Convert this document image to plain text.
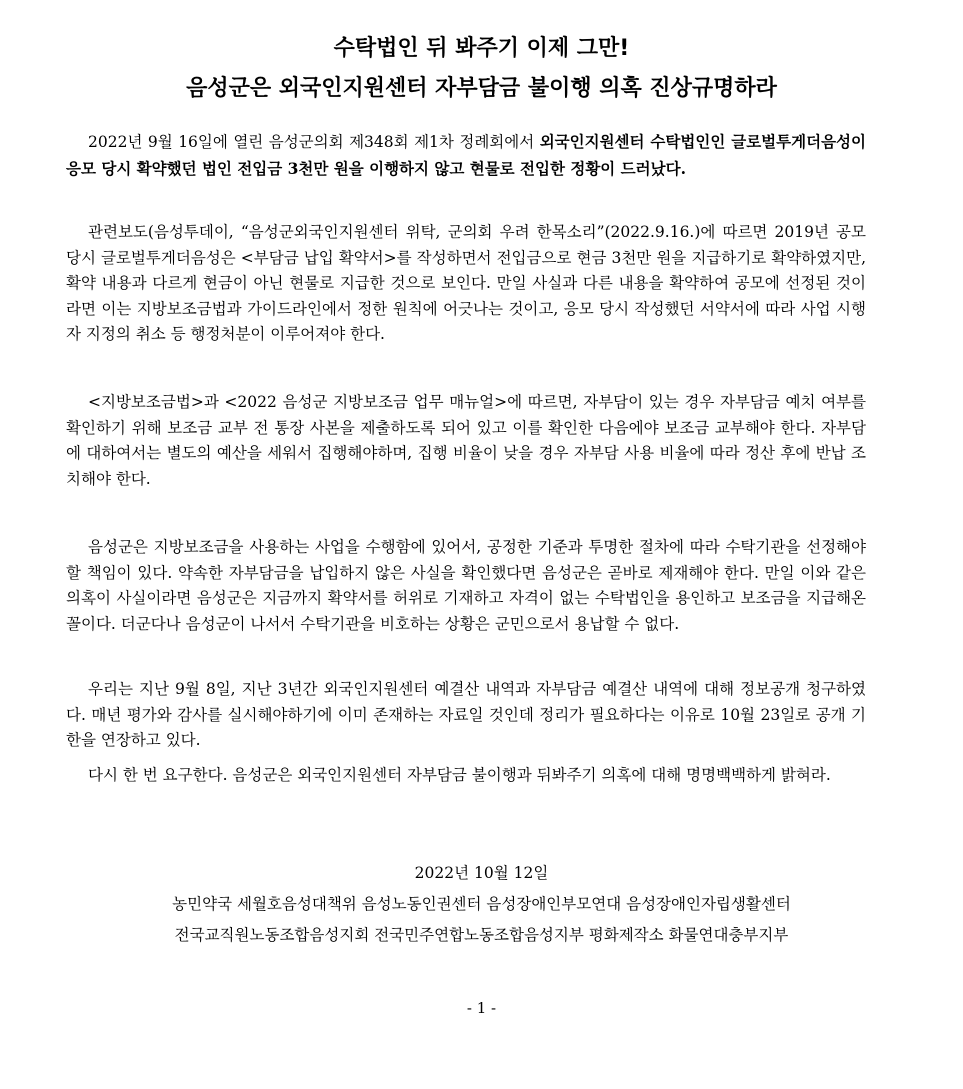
수탁법인 뒤 봐주기 이제 그만!
음성군은 외국인지원센터 자부담금 불이행 의혹 진상규명하라

2022년 9월 16일에 열린 음성군의회 제348회 제1차 정례회에서 외국인지원센터 수탁법인인 글로벌투게더음성이 응모 당시 확약했던 법인 전입금 3천만 원을 이행하지 않고 현물로 전입한 정황이 드러났다.

관련보도(음성투데이, “음성군외국인지원센터 위탁, 군의회 우려 한목소리”(2022.9.16.)에 따르면 2019년 공모 당시 글로벌투게더음성은 <부담금 납입 확약서>를 작성하면서 전입금으로 현금 3천만 원을 지급하기로 확약하였지만, 확약 내용과 다르게 현금이 아닌 현물로 지급한 것으로 보인다. 만일 사실과 다른 내용을 확약하여 공모에 선정된 것이라면 이는 지방보조금법과 가이드라인에서 정한 원칙에 어긋나는 것이고, 응모 당시 작성했던 서약서에 따라 사업 시행자 지정의 취소 등 행정처분이 이루어져야 한다.

<지방보조금법>과 <2022 음성군 지방보조금 업무 매뉴얼>에 따르면, 자부담이 있는 경우 자부담금 예치 여부를 확인하기 위해 보조금 교부 전 통장 사본을 제출하도록 되어 있고 이를 확인한 다음에야 보조금 교부해야 한다. 자부담에 대하여서는 별도의 예산을 세워서 집행해야하며, 집행 비율이 낮을 경우 자부담 사용 비율에 따라 정산 후에 반납 조치해야 한다.

음성군은 지방보조금을 사용하는 사업을 수행함에 있어서, 공정한 기준과 투명한 절차에 따라 수탁기관을 선정해야할 책임이 있다. 약속한 자부담금을 납입하지 않은 사실을 확인했다면 음성군은 곧바로 제재해야 한다. 만일 이와 같은 의혹이 사실이라면 음성군은 지금까지 확약서를 허위로 기재하고 자격이 없는 수탁법인을 용인하고 보조금을 지급해온 꼴이다. 더군다나 음성군이 나서서 수탁기관을 비호하는 상황은 군민으로서 용납할 수 없다.

우리는 지난 9월 8일, 지난 3년간 외국인지원센터 예결산 내역과 자부담금 예결산 내역에 대해 정보공개 청구하였다. 매년 평가와 감사를 실시해야하기에 이미 존재하는 자료일 것인데 정리가 필요하다는 이유로 10월 23일로 공개 기한을 연장하고 있다.

다시 한 번 요구한다. 음성군은 외국인지원센터 자부담금 불이행과 뒤봐주기 의혹에 대해 명명백백하게 밝혀라.

2022년 10월 12일
농민약국 세월호음성대책위 음성노동인권센터 음성장애인부모연대 음성장애인자립생활센터
전국교직원노동조합음성지회 전국민주연합노동조합음성지부 평화제작소 화물연대충부지부
- 1 -
